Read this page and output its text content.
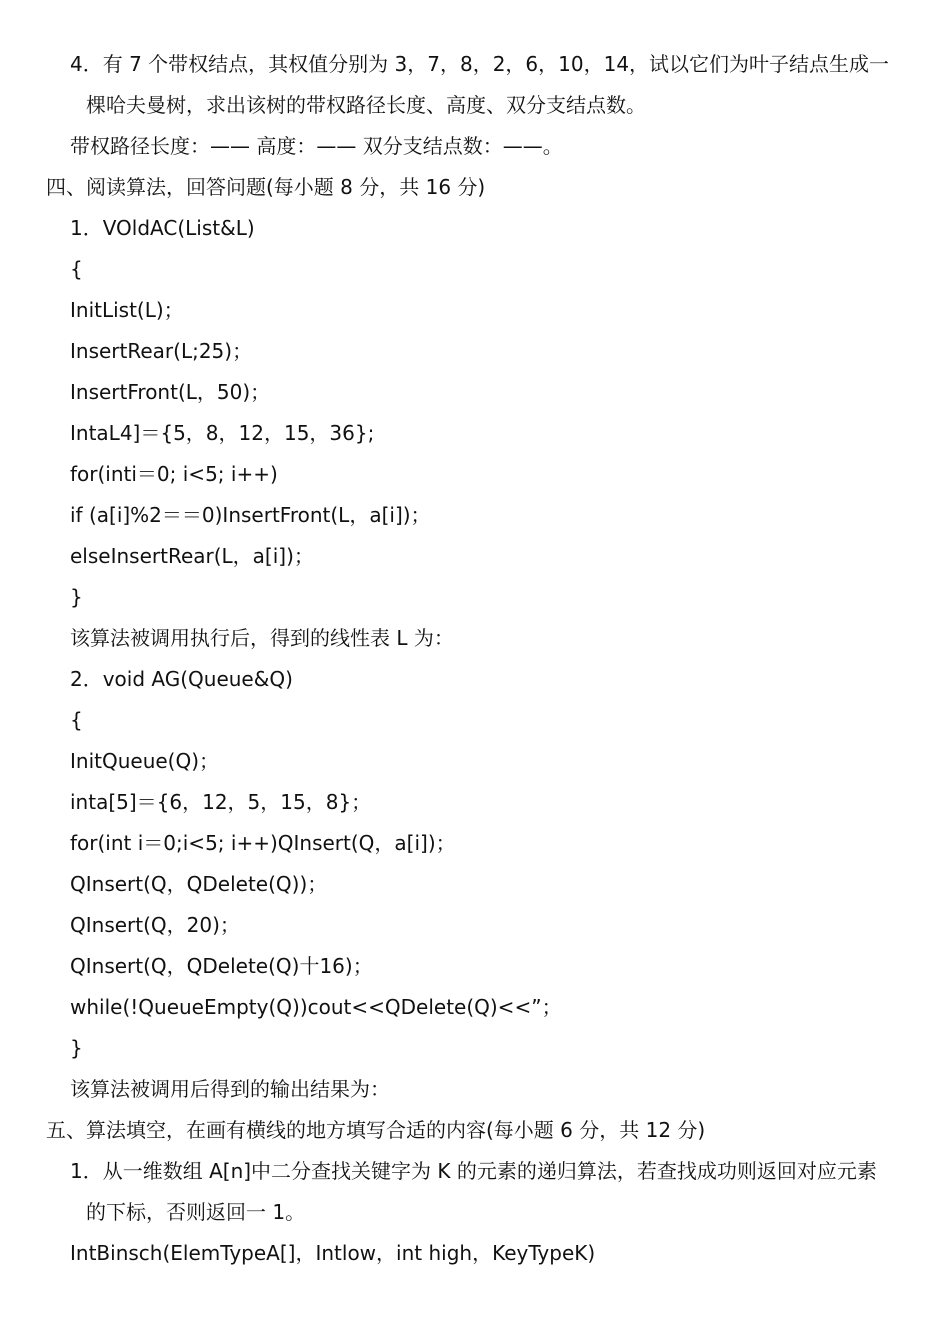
4．有 7 个带权结点，其权值分别为 3，7，8，2，6，10，14，试以它们为叶子结点生成一
棵哈夫曼树，求出该树的带权路径长度、高度、双分支结点数。
带权路径长度：—— 高度：—— 双分支结点数：——。
四、阅读算法，回答问题(每小题 8 分，共 16 分)
1．VOldAC(List&L)
{
InitList(L)；
InsertRear(L;25)；
InsertFront(L，50)；
IntaL4]＝{5，8，12，15，36};
for(inti＝0; i<5; i++)
if (a[i]%2＝＝0)InsertFront(L，a[i])；
elseInsertRear(L，a[i])；
}
该算法被调用执行后，得到的线性表 L 为：
2．void AG(Queue&Q)
{
InitQueue(Q)；
inta[5]＝{6，12，5，15，8}；
for(int i＝0;i<5; i++)QInsert(Q，a[i])；
QInsert(Q，QDelete(Q))；
QInsert(Q，20)；
QInsert(Q，QDelete(Q)十16)；
while(!QueueEmpty(Q))cout<<QDelete(Q)<<”；
}
该算法被调用后得到的输出结果为：
五、算法填空，在画有横线的地方填写合适的内容(每小题 6 分，共 12 分)
1．从一维数组 A[n]中二分查找关键字为 K 的元素的递归算法，若查找成功则返回对应元素
的下标，否则返回一 1。
IntBinsch(ElemTypeA[]，Intlow，int high，KeyTypeK)
